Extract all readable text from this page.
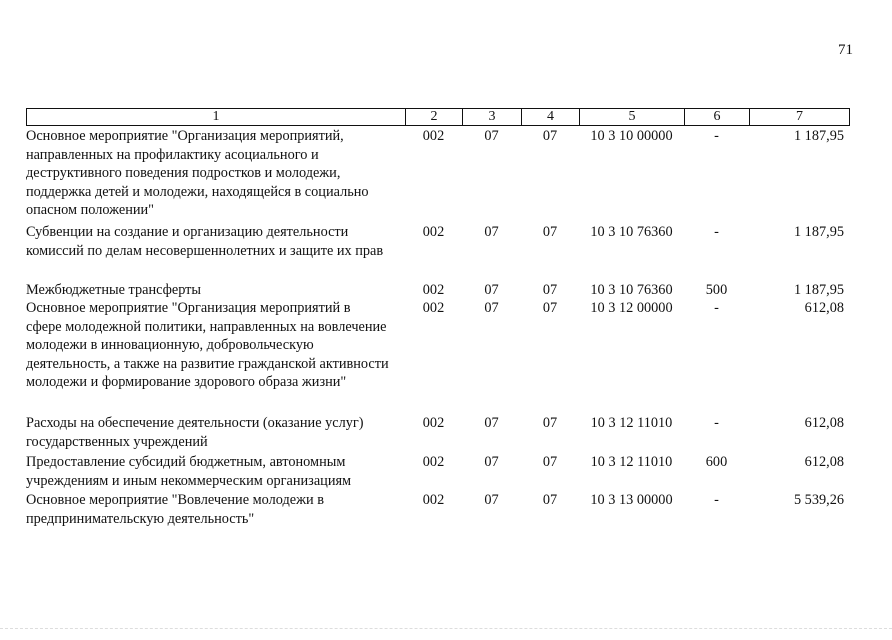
71
1	2	3	4	5	6	7
Основное мероприятие "Организация мероприятий,
направленных на профилактику асоциального и
деструктивного поведения подростков и молодежи,
поддержка детей и молодежи, находящейся в социально
опасном положении"
002	07	07	10 3 10 00000	-	1 187,95
Субвенции на создание и организацию деятельности
комиссий по делам несовершеннолетних и защите их прав
002	07	07	10 3 10 76360	-	1 187,95
Межбюджетные трансферты	002	07	07	10 3 10 76360	500	1 187,95
Основное мероприятие "Организация мероприятий в
сфере молодежной политики, направленных на вовлечение
молодежи в инновационную, добровольческую
деятельность, а также на развитие гражданской активности
молодежи и формирование здорового образа жизни"
002	07	07	10 3 12 00000	-	612,08
Расходы на обеспечение деятельности (оказание услуг)
государственных учреждений
002	07	07	10 3 12 11010	-	612,08
Предоставление субсидий бюджетным, автономным
учреждениям и иным некоммерческим организациям
002	07	07	10 3 12 11010	600	612,08
Основное мероприятие "Вовлечение молодежи в
предпринимательскую деятельность"
002	07	07	10 3 13 00000	-	5 539,26
